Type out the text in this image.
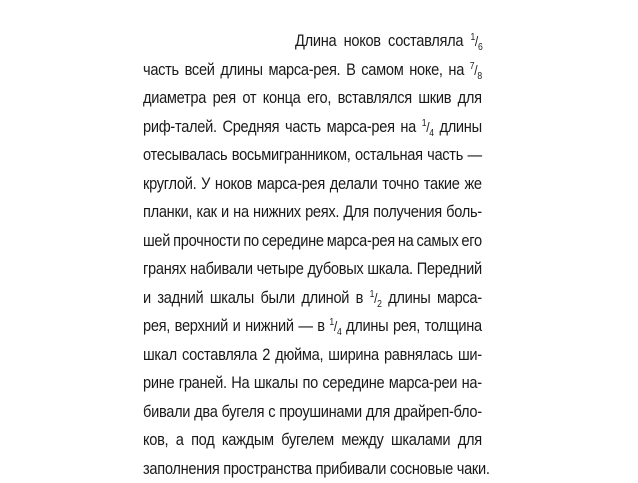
Длина ноков составляла $^1/_6$
часть всей длины марса-рея. В самом ноке, на $^7/_8$
диаметра рея от конца его, вставлялся шкив для
риф-талей. Средняя часть марса-рея на $^1/_4$ длины
отесывалась восьмигранником, остальная часть —
круглой. У ноков марса-рея делали точно такие же
планки, как и на нижних реях. Для получения боль-
шей прочности по середине марса-рея на самых его
гранях набивали четыре дубовых шкала. Передний
и задний шкалы были длиной в $^1/_2$ длины марса-
рея, верхний и нижний — в $^1/_4$ длины рея, толщина
шкал составляла 2 дюйма, ширина равнялась ши-
рине граней. На шкалы по середине марса-реи на-
бивали два бугеля с проушинами для драйреп-бло-
ков, а под каждым бугелем между шкалами для
заполнения пространства прибивали сосновые чаки.
